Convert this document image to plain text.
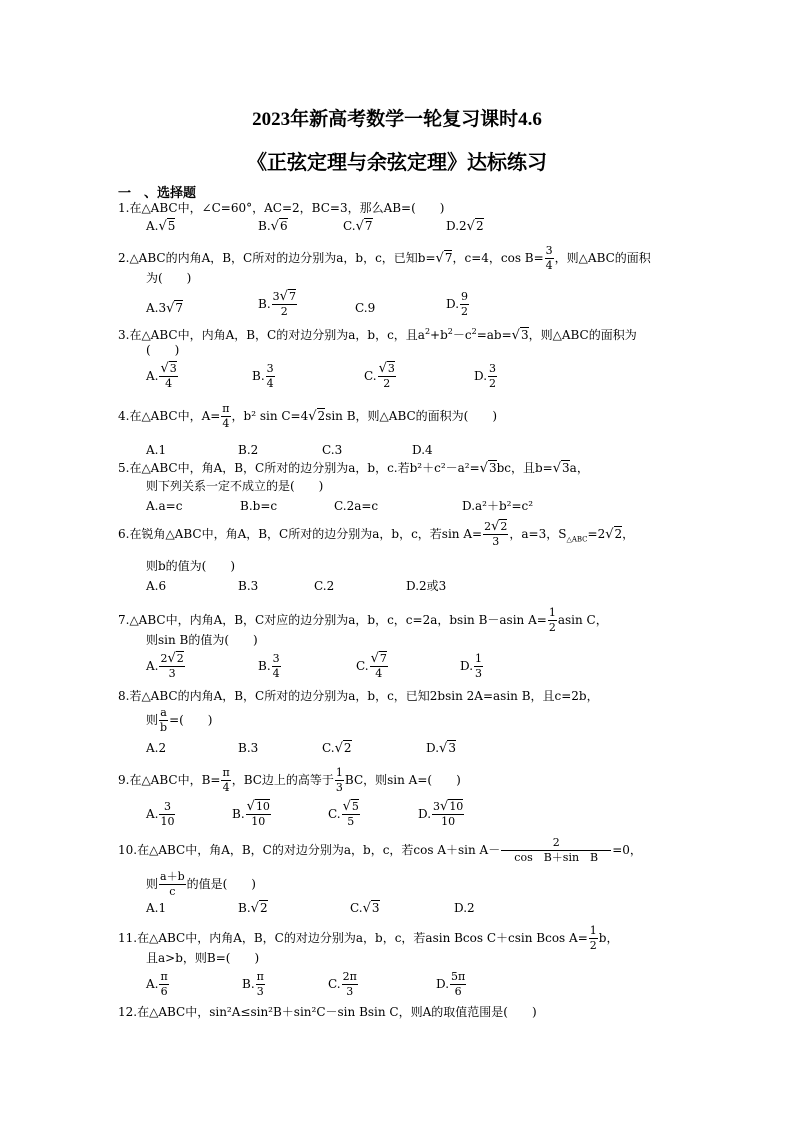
2023年新高考数学一轮复习课时4.6
《正弦定理与余弦定理》达标练习
一　、选择题
1.在△ABC中，∠C=60°，AC=2，BC=3，那么AB=(　　)
A.√5	B.√6	C.√7	D.2√2
2.△ABC的内角A，B，C所对的边分别为a，b，c，已知b=√7，c=4，$\cos B= \frac{3}{4}$ ，则△ABC的面积
为(　　)
A.3√7	B. $\frac{3√7}{2}$	C.9	D. $\frac{9}{2}$
3.在△ABC中，内角A，B，C的对边分别为a，b，c，且$a^2+b^2-c^2=ab=√3$，则△ABC的面积为
(　　)
A. $\frac{√3}{4}$	B. $\frac{3}{4}$	C. $\frac{√3}{2}$	D. $\frac{3}{2}$
4.在△ABC中，$A= \frac{\pi}{4}$ ，b² sin C=4√2sin B，则△ABC的面积为(　　)
A.1	B.2	C.3	D.4
5.在△ABC中，角A，B，C所对的边分别为a，b，c.若b²＋c²－a²=√3bc，且b=√3a，
则下列关系一定不成立的是(　　)
A.a=c	B.b=c	C.2a=c	D.a²＋b²=c²
6.在锐角△ABC中，角A，B，C所对的边分别为a，b，c，若$\sin A= \frac{2√2}{3}$ ，a=3，$S_{\triangle ABC}=2√2$，
则b的值为(　　)
A.6	B.3	C.2	D.2或3
7.△ABC中，内角A，B，C对应的边分别为a，b，c，c=2a，bsin B－asin $A= \frac{1}{2}$ asin C，
则sin B的值为(　　)
A. $\frac{2√2}{3}$	B. $\frac{3}{4}$	C. $\frac{√7}{4}$	D. $\frac{1}{3}$
8.若△ABC的内角A，B，C所对的边分别为a，b，c，已知2bsin 2A=asin B，且c=2b，
则 $\frac{a}{b}$ =(　　)
A.2	B.3	C.√2	D.√3
9.在△ABC中，$B= \frac{\pi}{4}$ ，BC边上的高等于 $\frac{1}{3}$ BC，则sin A=(　　)
A. $\frac{3}{10}$	B. $\frac{√10}{10}$	C. $\frac{√5}{5}$	D. $\frac{3√10}{10}$
10.在△ABC中，角A，B，C的对边分别为a，b，c，若cos A＋sin $A- \frac{2}{\text{cos　B＋sin　B}} =0$，
则 $\frac{a+b}{c}$ 的值是(　　)
A.1	B.√2	C.√3	D.2
11.在△ABC中，内角A，B，C的对边分别为a，b，c，若asin Bcos C＋csin Bcos $A= \frac{1}{2}$ b，
且a>b，则B=(　　)
A. $\frac{\pi}{6}$	B. $\frac{\pi}{3}$	C. $\frac{2\pi}{3}$	D. $\frac{5\pi}{6}$
12.在△ABC中，sin²A≤sin²B＋sin²C－sin Bsin C，则A的取值范围是(　　)
